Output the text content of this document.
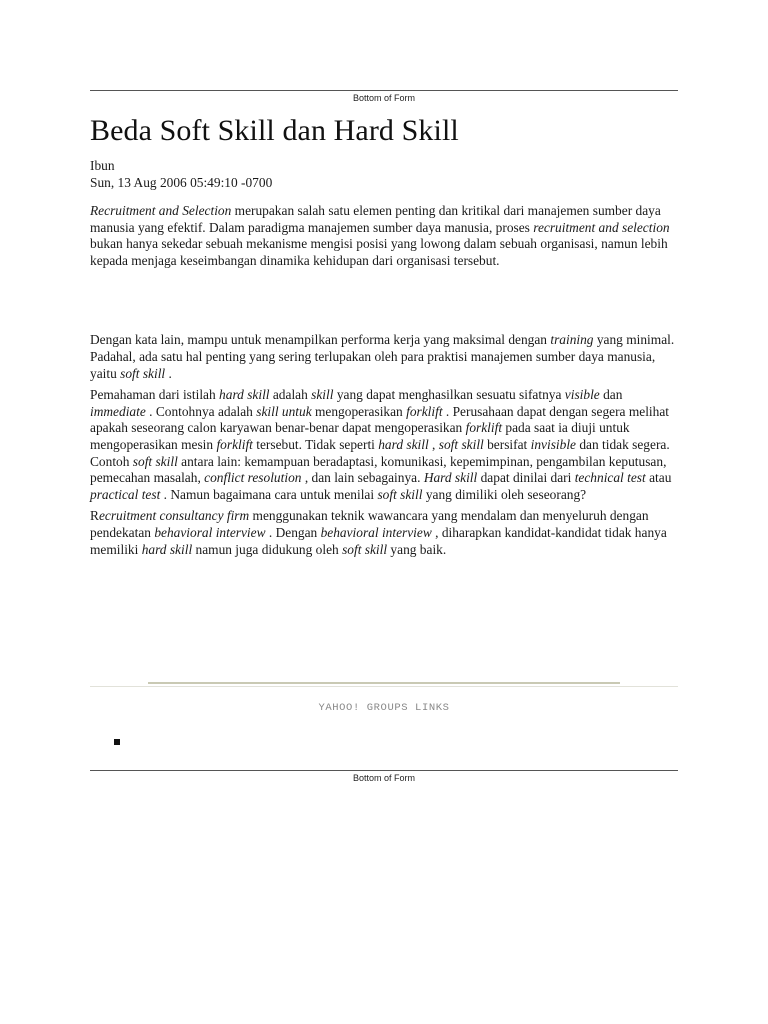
Bottom of Form

Beda Soft Skill dan Hard Skill
Ibun
Sun, 13 Aug 2006 05:49:10 -0700

Recruitment and Selection merupakan salah satu elemen penting dan kritikal dari manajemen sumber daya manusia yang efektif. Dalam paradigma manajemen sumber daya manusia, proses recruitment and selection bukan hanya sekedar sebuah mekanisme mengisi posisi yang lowong dalam sebuah organisasi, namun lebih kepada menjaga keseimbangan dinamika kehidupan dari organisasi tersebut.

Dengan kata lain, mampu untuk menampilkan performa kerja yang maksimal dengan training yang minimal. Padahal, ada satu hal penting yang sering terlupakan oleh para praktisi manajemen sumber daya manusia, yaitu soft skill .

Pemahaman dari istilah hard skill adalah skill yang dapat menghasilkan sesuatu sifatnya visible dan immediate . Contohnya adalah skill untuk mengoperasikan forklift . Perusahaan dapat dengan segera melihat apakah seseorang calon karyawan benar-benar dapat mengoperasikan forklift pada saat ia diuji untuk mengoperasikan mesin forklift tersebut. Tidak seperti hard skill , soft skill bersifat invisible dan tidak segera. Contoh soft skill antara lain: kemampuan beradaptasi, komunikasi, kepemimpinan, pengambilan keputusan, pemecahan masalah, conflict resolution , dan lain sebagainya. Hard skill dapat dinilai dari technical test atau practical test . Namun bagaimana cara untuk menilai soft skill yang dimiliki oleh seseorang?

Recruitment consultancy firm menggunakan teknik wawancara yang mendalam dan menyeluruh dengan pendekatan behavioral interview . Dengan behavioral interview , diharapkan kandidat-kandidat tidak hanya memiliki hard skill namun juga didukung oleh soft skill yang baik.

YAHOO! GROUPS LINKS

Bottom of Form
